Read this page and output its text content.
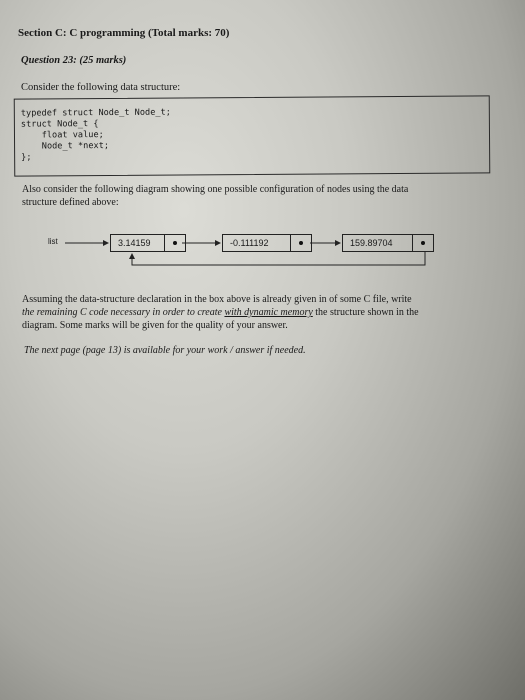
Section C: C programming (Total marks: 70)
Question 23: (25 marks)
Consider the following data structure:
typedef struct Node_t Node_t;
struct Node_t {
float value;
Node_t *next;
};
Also consider the following diagram showing one possible configuration of nodes using the data
structure defined above:
list	3.14159	-0.111192	159.89704
Assuming the data-structure declaration in the box above is already given in of some C file, write
the remaining C code necessary in order to create with dynamic memory the structure shown in the
diagram. Some marks will be given for the quality of your answer.
The next page (page 13) is available for your work / answer if needed.
